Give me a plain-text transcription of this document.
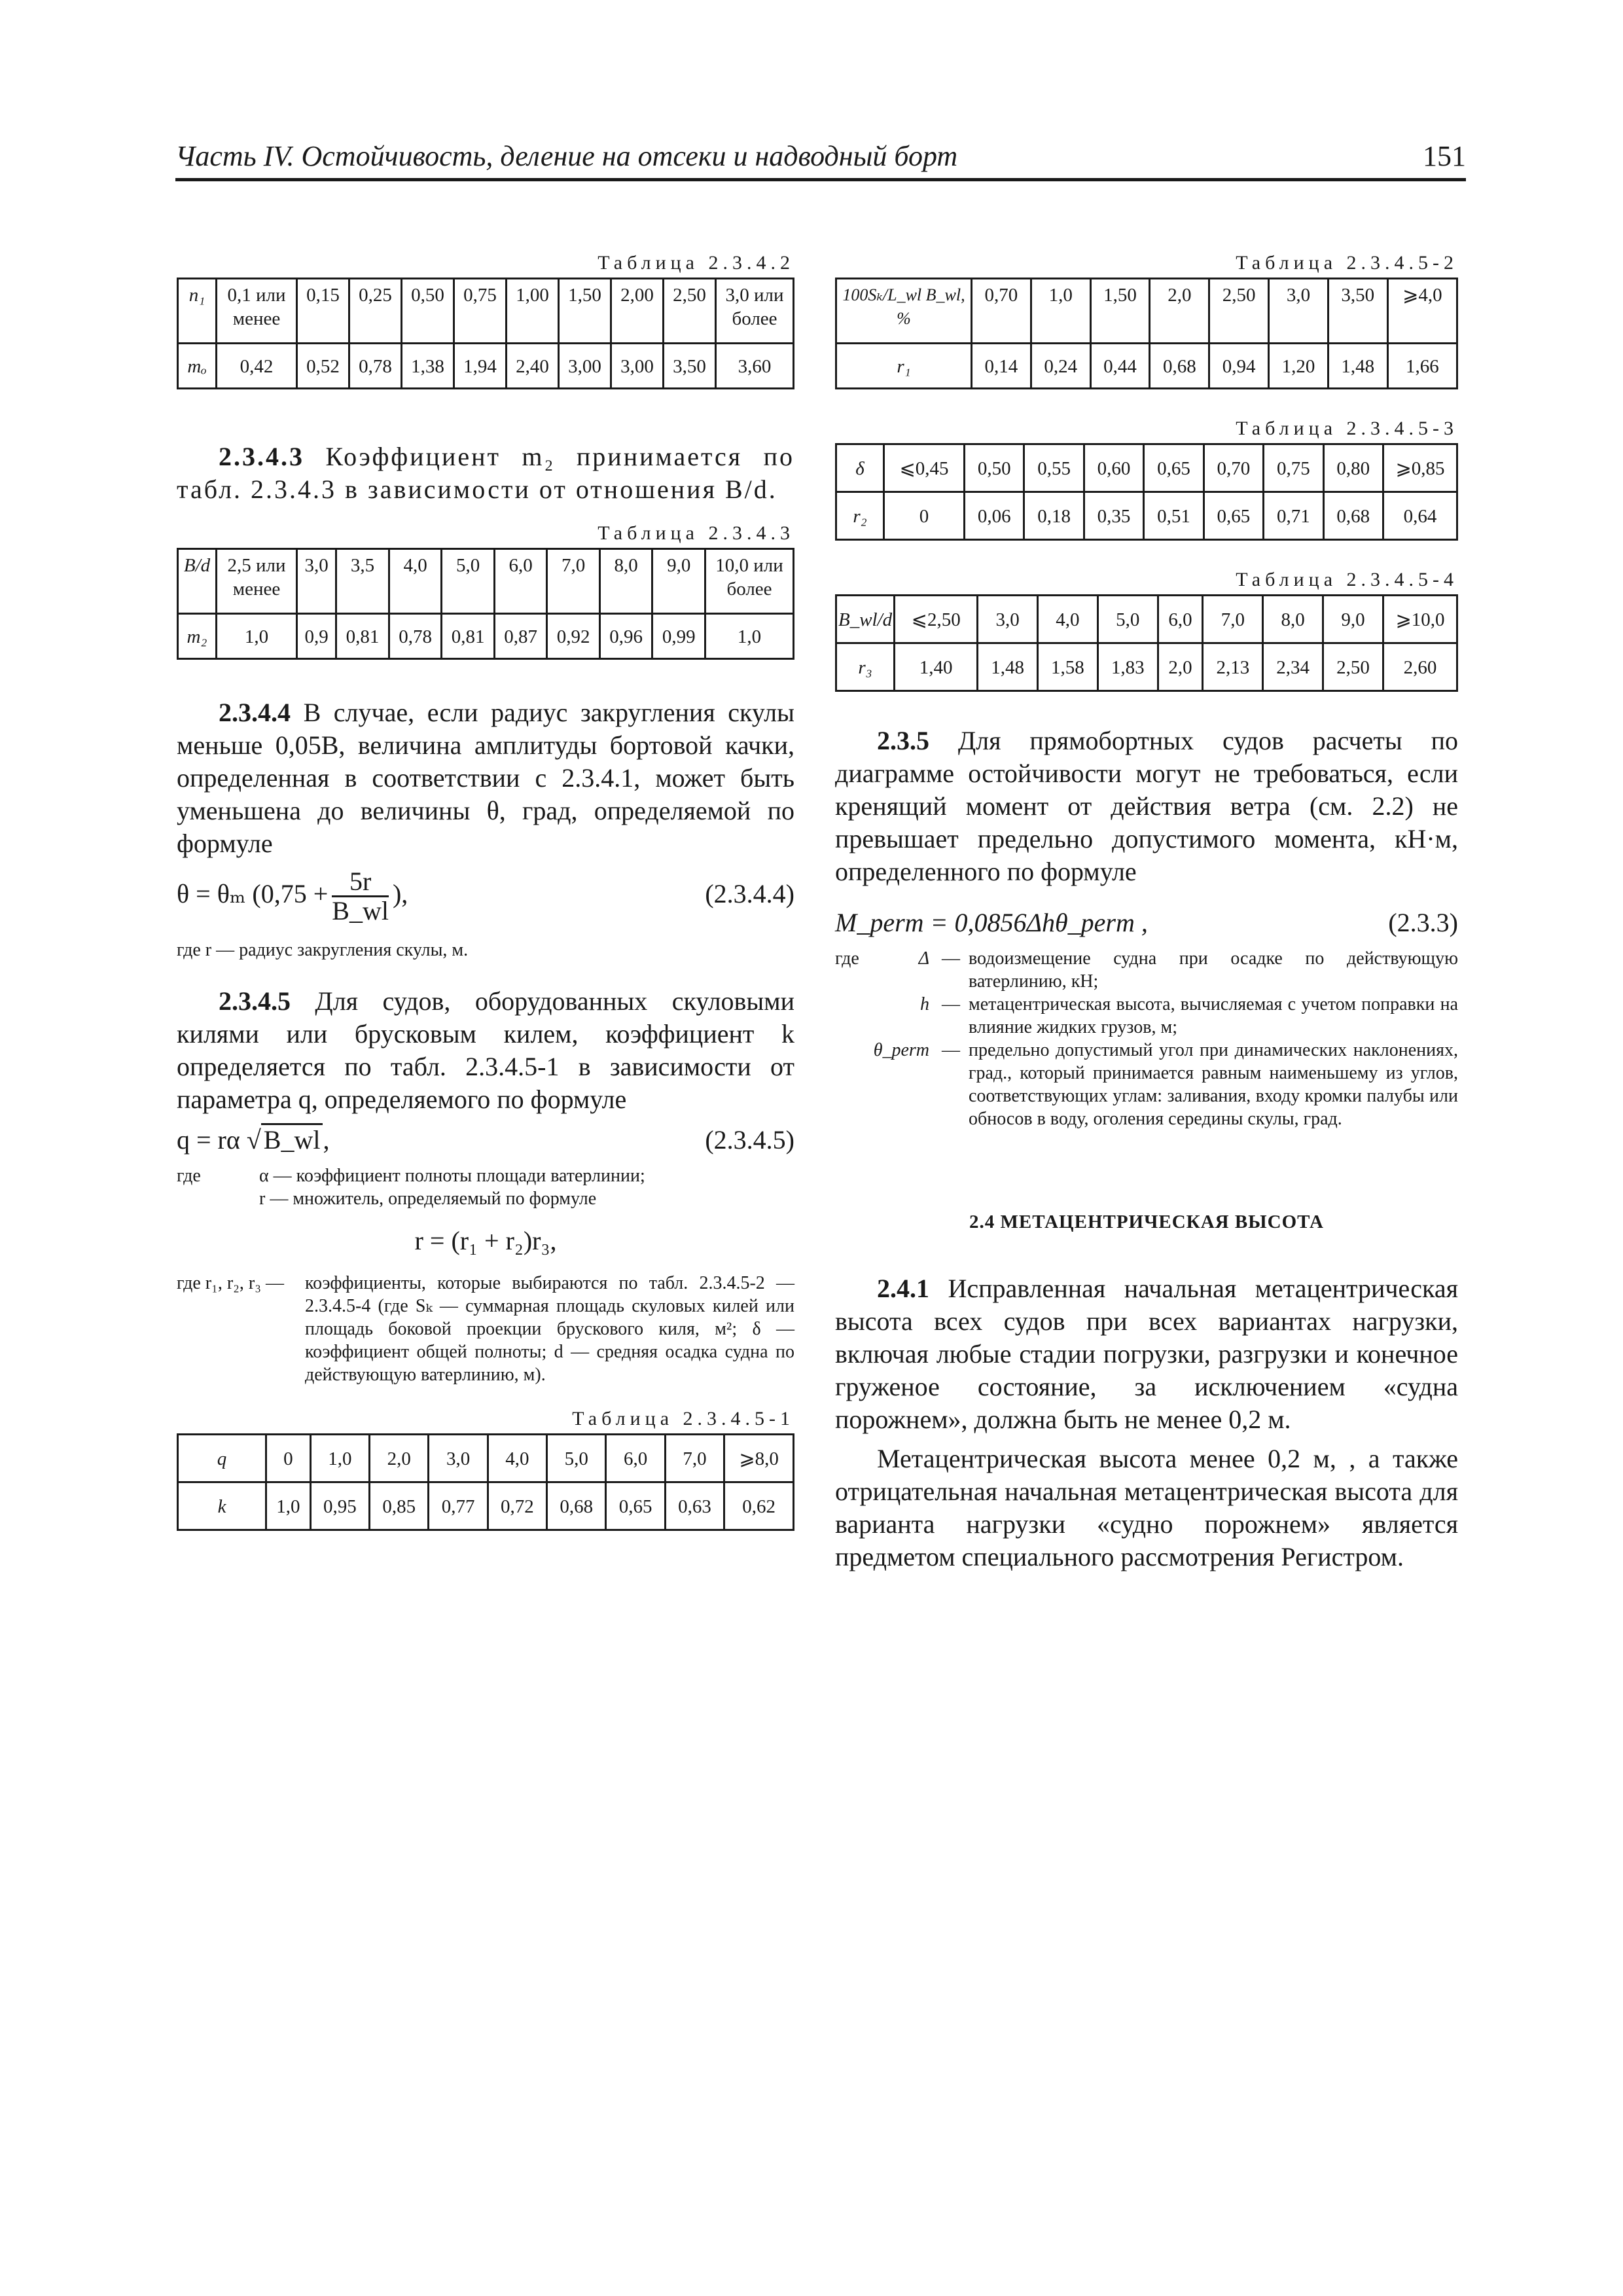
Часть IV. Остойчивость, деление на отсеки и надводный борт	151
Таблица 2.3.4.2
n₁	0,1 или менее	0,15	0,25	0,50	0,75	1,00	1,50	2,00	2,50	3,0 или более
mₒ	0,42	0,52	0,78	1,38	1,94	2,40	3,00	3,00	3,50	3,60

2.3.4.3 Коэффициент m₂ принимается по табл. 2.3.4.3 в зависимости от отношения B/d.

Таблица 2.3.4.3
B/d	2,5 или менее	3,0	3,5	4,0	5,0	6,0	7,0	8,0	9,0	10,0 или более
m₂	1,0	0,9	0,81	0,78	0,81	0,87	0,92	0,96	0,99	1,0

2.3.4.4 В случае, если радиус закругления скулы меньше 0,05B, величина амплитуды бортовой качки, определенная в соответствии с 2.3.4.1, может быть уменьшена до величины θ, град, определяемой по формуле

θ = θₘ ($0,75 + \frac{5r}{B\_wl}$ ),	(2.3.4.4)

где r — радиус закругления скулы, м.

2.3.4.5 Для судов, оборудованных скуловыми килями или брусковым килем, коэффициент k определяется по табл. 2.3.4.5-1 в зависимости от параметра q, определяемого по формуле

q = rα √ B_wl ,	(2.3.4.5)
где	α — коэффициент полноты площади ватерлинии;
r — множитель, определяемый по формуле
r = (r₁ + r₂)r₃,
где r₁, r₂, r₃ —	коэффициенты, которые выбираются по табл. 2.3.4.5-2 — 2.3.4.5-4 (где Sₖ — суммарная площадь скуловых килей или площадь боковой проекции брускового киля, м²; δ — коэффициент общей полноты; d — средняя осадка судна по действующую ватерлинию, м).
Таблица 2.3.4.5-1
q	0	1,0	2,0	3,0	4,0	5,0	6,0	7,0	⩾8,0
k	1,0	0,95	0,85	0,77	0,72	0,68	0,65	0,63	0,62
Таблица 2.3.4.5-2
100Sₖ/L_wl B_wl, %	0,70	1,0	1,50	2,0	2,50	3,0	3,50	⩾4,0
r₁	0,14	0,24	0,44	0,68	0,94	1,20	1,48	1,66
Таблица 2.3.4.5-3
δ	⩽0,45	0,50	0,55	0,60	0,65	0,70	0,75	0,80	⩾0,85
r₂	0	0,06	0,18	0,35	0,51	0,65	0,71	0,68	0,64
Таблица 2.3.4.5-4
B_wl/d	⩽2,50	3,0	4,0	5,0	6,0	7,0	8,0	9,0	⩾10,0
r₃	1,40	1,48	1,58	1,83	2,0	2,13	2,34	2,50	2,60

2.3.5 Для прямобортных судов расчеты по диаграмме остойчивости могут не требоваться, если кренящий момент от действия ветра (см. 2.2) не превышает предельно допустимого момента, кН·м, определенного по формуле

M_perm = 0,0856Δhθ_perm ,	(2.3.3)
где	Δ — водоизмещение судна при осадке по действующую ватерлинию, кН;
h — метацентрическая высота, вычисляемая с учетом поправки на влияние жидких грузов, м;
θ_perm — предельно допустимый угол при динамических наклонениях, град., который принимается равным наименьшему из углов, соответствующих углам: заливания, входу кромки палубы или обносов в воду, оголения середины скулы, град.
2.4 МЕТАЦЕНТРИЧЕСКАЯ ВЫСОТА

2.4.1 Исправленная начальная метацентрическая высота всех судов при всех вариантах нагрузки, включая любые стадии погрузки, разгрузки и конечное груженое состояние, за исключением «судна порожнем», должна быть не менее 0,2 м.

Метацентрическая высота менее 0,2 м, , а также отрицательная начальная метацентрическая высота для варианта нагрузки «судно порожнем» является предметом специального рассмотрения Регистром.
